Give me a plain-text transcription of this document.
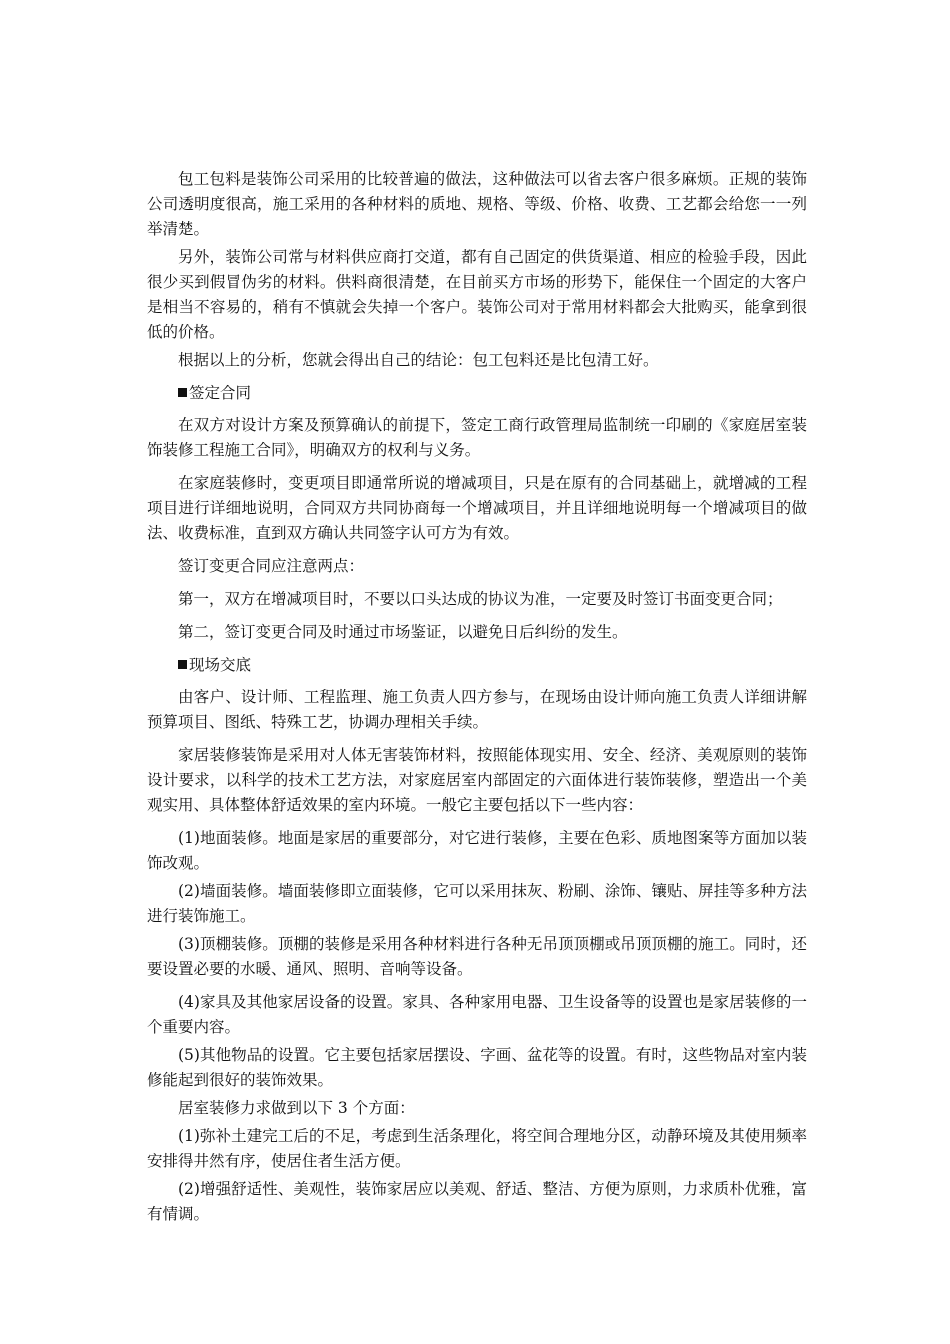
包工包料是装饰公司采用的比较普遍的做法，这种做法可以省去客户很多麻烦。正规的装饰公司透明度很高，施工采用的各种材料的质地、规格、等级、价格、收费、工艺都会给您一一列举清楚。

另外，装饰公司常与材料供应商打交道，都有自己固定的供货渠道、相应的检验手段，因此很少买到假冒伪劣的材料。供料商很清楚，在目前买方市场的形势下，能保住一个固定的大客户是相当不容易的，稍有不慎就会失掉一个客户。装饰公司对于常用材料都会大批购买，能拿到很低的价格。

根据以上的分析，您就会得出自己的结论：包工包料还是比包清工好。

签定合同

在双方对设计方案及预算确认的前提下，签定工商行政管理局监制统一印刷的《家庭居室装饰装修工程施工合同》，明确双方的权利与义务。

在家庭装修时，变更项目即通常所说的增减项目，只是在原有的合同基础上，就增减的工程项目进行详细地说明，合同双方共同协商每一个增减项目，并且详细地说明每一个增减项目的做法、收费标准，直到双方确认共同签字认可方为有效。

签订变更合同应注意两点：

第一，双方在增减项目时，不要以口头达成的协议为准，一定要及时签订书面变更合同；

第二，签订变更合同及时通过市场鉴证，以避免日后纠纷的发生。

现场交底

由客户、设计师、工程监理、施工负责人四方参与，在现场由设计师向施工负责人详细讲解预算项目、图纸、特殊工艺，协调办理相关手续。

家居装修装饰是采用对人体无害装饰材料，按照能体现实用、安全、经济、美观原则的装饰设计要求，以科学的技术工艺方法，对家庭居室内部固定的六面体进行装饰装修，塑造出一个美观实用、具体整体舒适效果的室内环境。一般它主要包括以下一些内容：

(1)地面装修。地面是家居的重要部分，对它进行装修，主要在色彩、质地图案等方面加以装饰改观。

(2)墙面装修。墙面装修即立面装修，它可以采用抹灰、粉刷、涂饰、镶贴、屏挂等多种方法进行装饰施工。

(3)顶棚装修。顶棚的装修是采用各种材料进行各种无吊顶顶棚或吊顶顶棚的施工。同时，还要设置必要的水暖、通风、照明、音响等设备。

(4)家具及其他家居设备的设置。家具、各种家用电器、卫生设备等的设置也是家居装修的一个重要内容。

(5)其他物品的设置。它主要包括家居摆设、字画、盆花等的设置。有时，这些物品对室内装修能起到很好的装饰效果。

居室装修力求做到以下 3 个方面：

(1)弥补土建完工后的不足，考虑到生活条理化，将空间合理地分区，动静环境及其使用频率安排得井然有序，使居住者生活方便。

(2)增强舒适性、美观性，装饰家居应以美观、舒适、整洁、方便为原则，力求质朴优雅，富有情调。
